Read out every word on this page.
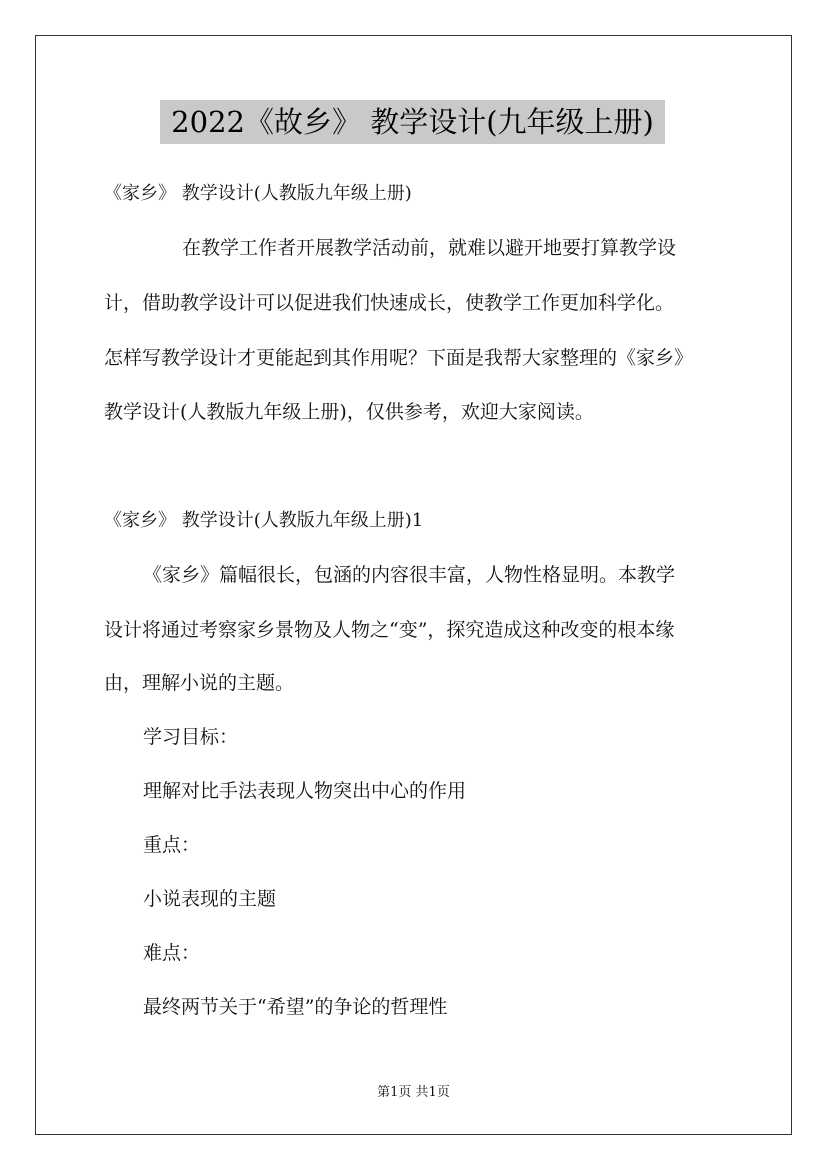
2022《故乡》 教学设计(九年级上册)
《家乡》 教学设计(人教版九年级上册)
在教学工作者开展教学活动前，就难以避开地要打算教学设
计，借助教学设计可以促进我们快速成长，使教学工作更加科学化。
怎样写教学设计才更能起到其作用呢？下面是我帮大家整理的《家乡》
教学设计(人教版九年级上册)，仅供参考，欢迎大家阅读。
《家乡》 教学设计(人教版九年级上册)1
《家乡》篇幅很长，包涵的内容很丰富，人物性格显明。本教学
设计将通过考察家乡景物及人物之“变”，探究造成这种改变的根本缘
由，理解小说的主题。
学习目标：
理解对比手法表现人物突出中心的作用
重点：
小说表现的主题
难点：
最终两节关于“希望”的争论的哲理性
第1页 共1页
